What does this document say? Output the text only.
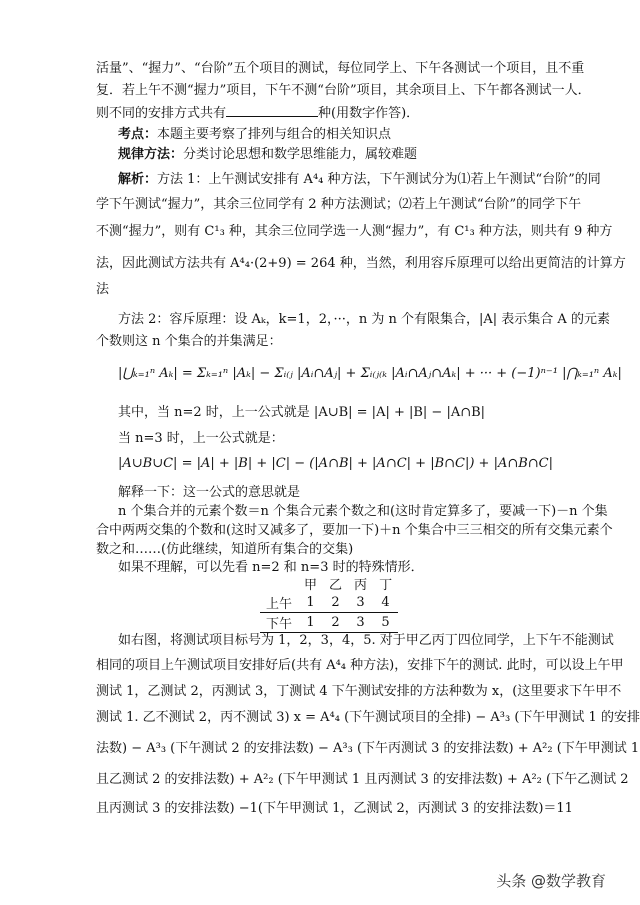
活量”、“握力”、“台阶”五个项目的测试，每位同学上、下午各测试一个项目，且不重
复．若上午不测“握力”项目，下午不测“台阶”项目，其余项目上、下午都各测试一人．
则不同的安排方式共有	种(用数字作答)．
考点：本题主要考察了排列与组合的相关知识点
规律方法：分类讨论思想和数学思维能力，属较难题
解析：方法 1：上午测试安排有 A⁴₄ 种方法，下午测试分为⑴若上午测试“台阶”的同
学下午测试“握力”，其余三位同学有 2 种方法测试；⑵若上午测试“台阶”的同学下午
不测“握力”，则有 C¹₃ 种，其余三位同学选一人测“握力”，有 C¹₃ 种方法，则共有 9 种方
法，因此测试方法共有 A⁴₄·(2+9) = 264 种，当然，利用容斥原理可以给出更简洁的计算方
法
方法 2：容斥原理：设 Aₖ，k=1，2，···，n 为 n 个有限集合，|A| 表示集合 A 的元素
个数则这 n 个集合的并集满足：
|⋃ₖ₌₁ⁿ Aₖ| = Σₖ₌₁ⁿ |Aₖ| − Σᵢ₍ⱼ |Aᵢ∩Aⱼ| + Σᵢ₍ⱼ₍ₖ |Aᵢ∩Aⱼ∩Aₖ| + ··· + (−1)ⁿ⁻¹ |⋂ₖ₌₁ⁿ Aₖ|
其中，当 n=2 时，上一公式就是 |A∪B| = |A| + |B| − |A∩B|
当 n=3 时，上一公式就是：
|A∪B∪C| = |A| + |B| + |C| − (|A∩B| + |A∩C| + |B∩C|) + |A∩B∩C|
解释一下：这一公式的意思就是
n 个集合并的元素个数＝n 个集合元素个数之和(这时肯定算多了，要减一下)－n 个集
合中两两交集的个数和(这时又减多了，要加一下)＋n 个集合中三三相交的所有交集元素个
数之和……(仿此继续，知道所有集合的交集)
如果不理解，可以先看 n=2 和 n=3 时的特殊情形．
	甲	乙	丙	丁
上午	1	2	3	4
下午	1	2	3	5
如右图，将测试项目标号为 1，2，3，4，5. 对于甲乙丙丁四位同学，上下午不能测试
相同的项目上午测试项目安排好后(共有 A⁴₄ 种方法)，安排下午的测试. 此时，可以设上午甲
测试 1，乙测试 2，丙测试 3，丁测试 4 下午测试安排的方法种数为 x，(这里要求下午甲不
测试 1. 乙不测试 2，丙不测试 3) x = A⁴₄ (下午测试项目的全排) − A³₃ (下午甲测试 1 的安排
法数) − A³₃ (下午测试 2 的安排法数) − A³₃ (下午丙测试 3 的安排法数) + A²₂ (下午甲测试 1
且乙测试 2 的安排法数) + A²₂ (下午甲测试 1 且丙测试 3 的安排法数) + A²₂ (下午乙测试 2
且丙测试 3 的安排法数) −1(下午甲测试 1，乙测试 2，丙测试 3 的安排法数)＝11
头条 @数学教育
